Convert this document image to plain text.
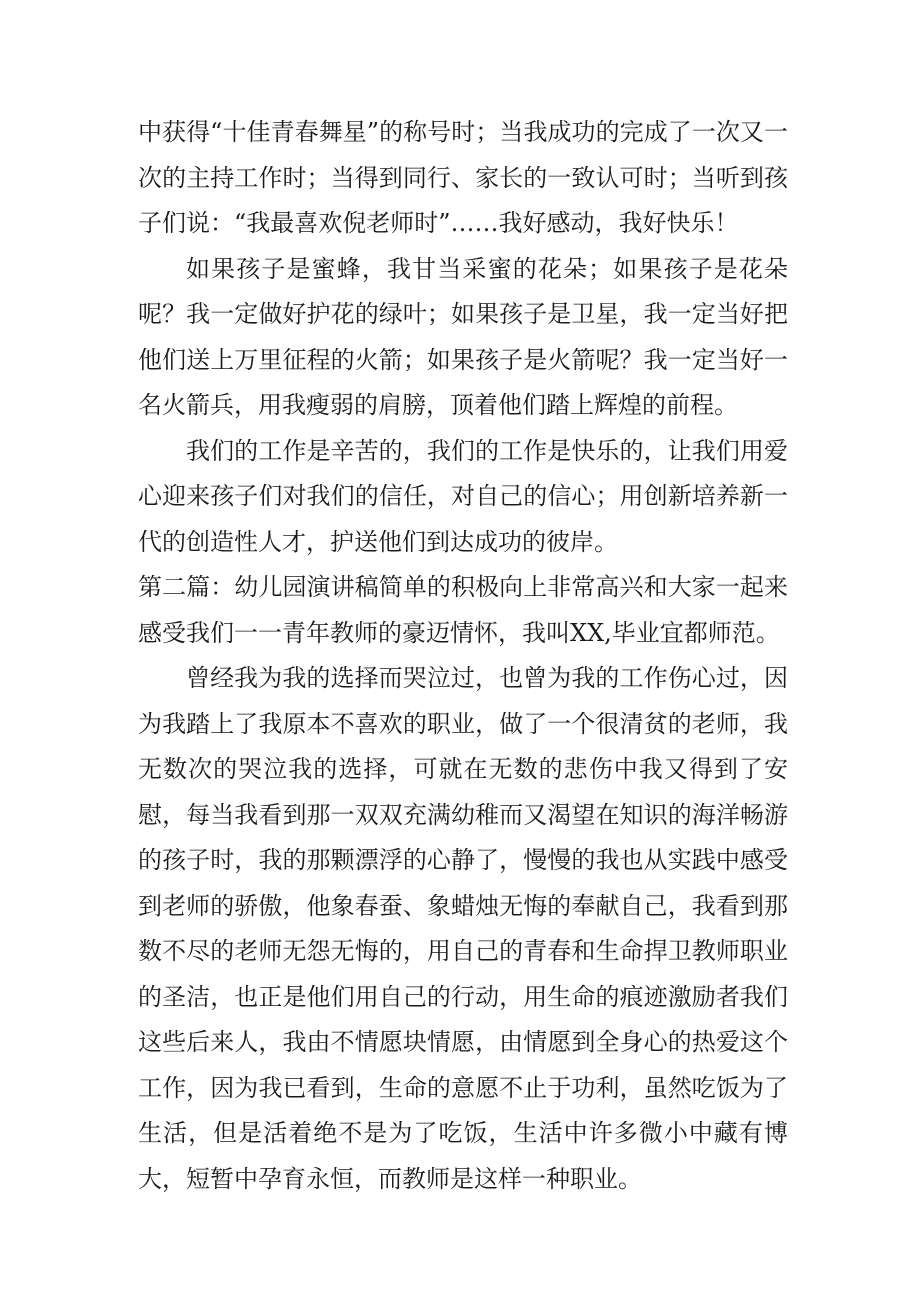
中获得“十佳青春舞星”的称号时；当我成功的完成了一次又一次的主持工作时；当得到同行、家长的一致认可时；当听到孩子们说：“我最喜欢倪老师时”……我好感动，我好快乐！

如果孩子是蜜蜂，我甘当采蜜的花朵；如果孩子是花朵呢？我一定做好护花的绿叶；如果孩子是卫星，我一定当好把他们送上万里征程的火箭；如果孩子是火箭呢？我一定当好一名火箭兵，用我瘦弱的肩膀，顶着他们踏上辉煌的前程。

我们的工作是辛苦的，我们的工作是快乐的，让我们用爱心迎来孩子们对我们的信任，对自己的信心；用创新培养新一代的创造性人才，护送他们到达成功的彼岸。

第二篇：幼儿园演讲稿简单的积极向上非常高兴和大家一起来感受我们一一青年教师的豪迈情怀，我叫XX,毕业宜都师范。

曾经我为我的选择而哭泣过，也曾为我的工作伤心过，因为我踏上了我原本不喜欢的职业，做了一个很清贫的老师，我无数次的哭泣我的选择，可就在无数的悲伤中我又得到了安慰，每当我看到那一双双充满幼稚而又渴望在知识的海洋畅游的孩子时，我的那颗漂浮的心静了，慢慢的我也从实践中感受到老师的骄傲，他象春蚕、象蜡烛无悔的奉献自己，我看到那数不尽的老师无怨无悔的，用自己的青春和生命捍卫教师职业的圣洁，也正是他们用自己的行动，用生命的痕迹激励者我们这些后来人，我由不情愿块情愿，由情愿到全身心的热爱这个工作，因为我已看到，生命的意愿不止于功利，虽然吃饭为了生活，但是活着绝不是为了吃饭，生活中许多微小中藏有博大，短暂中孕育永恒，而教师是这样一种职业。
